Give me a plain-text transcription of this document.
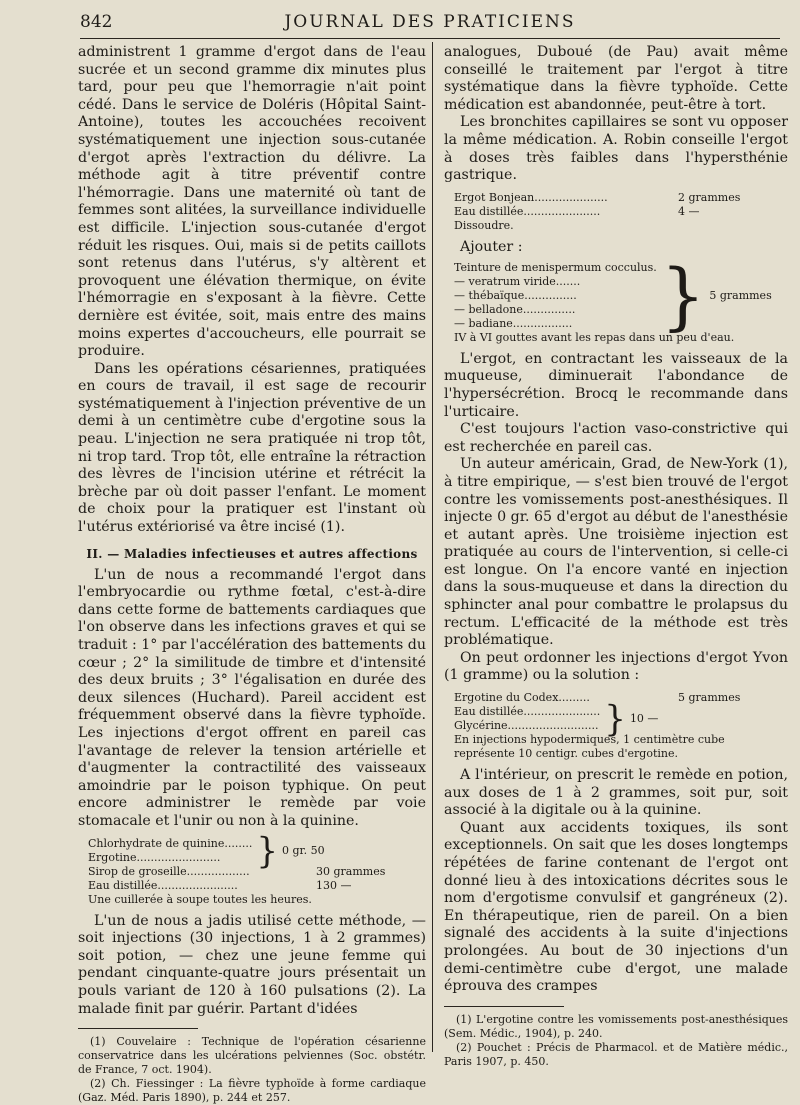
842	JOURNAL DES PRATICIENS

administrent 1 gramme d'ergot dans de l'eau sucrée et un second gramme dix minutes plus tard, pour peu que l'hemorragie n'ait point cédé. Dans le service de Doléris (Hôpital Saint-Antoine), toutes les accouchées recoivent systématiquement une injection sous-cutanée d'ergot après l'extraction du délivre. La méthode agit à titre préventif contre l'hémorragie. Dans une maternité où tant de femmes sont alitées, la surveillance individuelle est difficile. L'injection sous-cutanée d'ergot réduit les risques. Oui, mais si de petits caillots sont retenus dans l'utérus, s'y altèrent et provoquent une élévation thermique, on évite l'hémorragie en s'exposant à la fièvre. Cette dernière est évitée, soit, mais entre des mains moins expertes d'accoucheurs, elle pourrait se produire.

Dans les opérations césariennes, pratiquées en cours de travail, il est sage de recourir systématiquement à l'injection préventive de un demi à un centimètre cube d'ergotine sous la peau. L'injection ne sera pratiquée ni trop tôt, ni trop tard. Trop tôt, elle entraîne la rétraction des lèvres de l'incision utérine et rétrécit la brèche par où doit passer l'enfant. Le moment de choix pour la pratiquer est l'instant où l'utérus extériorisé va être incisé (1).

II. — Maladies infectieuses et autres affections

L'un de nous a recommandé l'ergot dans l'embryocardie ou rythme fœtal, c'est-à-dire dans cette forme de battements cardiaques que l'on observe dans les infections graves et qui se traduit : 1° par l'accélération des battements du cœur ; 2° la similitude de timbre et d'intensité des deux bruits ; 3° l'égalisation en durée des deux silences (Huchard). Pareil accident est fréquemment observé dans la fièvre typhoïde. Les injections d'ergot offrent en pareil cas l'avantage de relever la tension artérielle et d'augmenter la contractilité des vaisseaux amoindrie par le poison typhique. On peut encore administrer le remède par voie stomacale et l'unir ou non à la quinine.

Chlorhydrate de quinine........
Ergotine........................	} 0 gr. 50
Sirop de groseille..................	30 grammes
Eau distillée.......................	130 —
Une cuillerée à soupe toutes les heures.

L'un de nous a jadis utilisé cette méthode, — soit injections (30 injections, 1 à 2 grammes) soit potion, — chez une jeune femme qui pendant cinquante-quatre jours présentait un pouls variant de 120 à 160 pulsations (2). La malade finit par guérir. Partant d'idées

(1) Couvelaire : Technique de l'opération césarienne conservatrice dans les ulcérations pelviennes (Soc. obstétr. de France, 7 oct. 1904).

(2) Ch. Fiessinger : La fièvre typhoïde à forme cardiaque (Gaz. Méd. Paris 1890), p. 244 et 257.

analogues, Duboué (de Pau) avait même conseillé le traitement par l'ergot à titre systématique dans la fièvre typhoïde. Cette médication est abandonnée, peut-être à tort.

Les bronchites capillaires se sont vu opposer la même médication. A. Robin conseille l'ergot à doses très faibles dans l'hypersthénie gastrique.

Ergot Bonjean.....................	2 grammes
Eau distillée......................	4 —
Dissoudre.
Ajouter :
Teinture de menispermum cocculus.
— veratrum viride.......
— thébaïque...............
— belladone...............
— badiane.................	} 5 grammes
IV à VI gouttes avant les repas dans un peu d'eau.

L'ergot, en contractant les vaisseaux de la muqueuse, diminuerait l'abondance de l'hypersécrétion. Brocq le recommande dans l'urticaire.

C'est toujours l'action vaso-constrictive qui est recherchée en pareil cas.

Un auteur américain, Grad, de New-York (1), à titre empirique, — s'est bien trouvé de l'ergot contre les vomissements post-anesthésiques. Il injecte 0 gr. 65 d'ergot au début de l'anesthésie et autant après. Une troisième injection est pratiquée au cours de l'intervention, si celle-ci est longue. On l'a encore vanté en injection dans la sous-muqueuse et dans la direction du sphincter anal pour combattre le prolapsus du rectum. L'efficacité de la méthode est très problématique.

On peut ordonner les injections d'ergot Yvon (1 gramme) ou la solution :

Ergotine du Codex.........	5 grammes
Eau distillée......................
Glycérine.......................... } 10 —
En injections hypodermiques, 1 centimètre cube représente 10 centigr. cubes d'ergotine.

A l'intérieur, on prescrit le remède en potion, aux doses de 1 à 2 grammes, soit pur, soit associé à la digitale ou à la quinine.

Quant aux accidents toxiques, ils sont exceptionnels. On sait que les doses longtemps répétées de farine contenant de l'ergot ont donné lieu à des intoxications décrites sous le nom d'ergotisme convulsif et gangréneux (2). En thérapeutique, rien de pareil. On a bien signalé des accidents à la suite d'injections prolongées. Au bout de 30 injections d'un demi-centimètre cube d'ergot, une malade éprouva des crampes

(1) L'ergotine contre les vomissements post-anesthésiques (Sem. Médic., 1904), p. 240.

(2) Pouchet : Précis de Pharmacol. et de Matière médic., Paris 1907, p. 450.
